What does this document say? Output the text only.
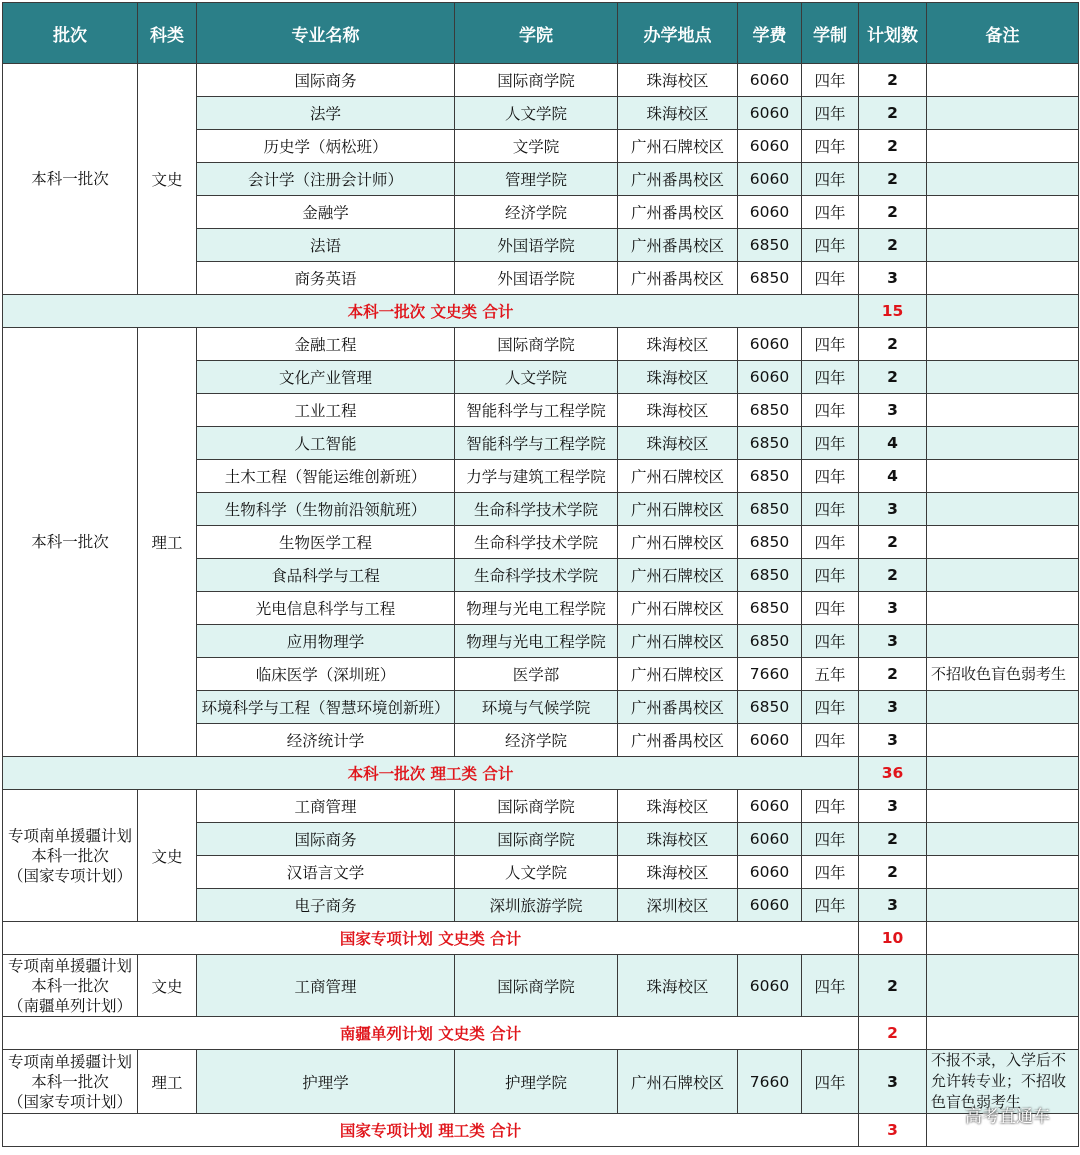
批次	科类	专业名称	学院	办学地点	学费	学制	计划数	备注
本科一批次	文史	国际商务	国际商学院	珠海校区	6060	四年	2	
		法学	人文学院	珠海校区	6060	四年	2	
		历史学（炳松班）	文学院	广州石牌校区	6060	四年	2	
		会计学（注册会计师）	管理学院	广州番禺校区	6060	四年	2	
		金融学	经济学院	广州番禺校区	6060	四年	2	
		法语	外国语学院	广州番禺校区	6850	四年	2	
		商务英语	外国语学院	广州番禺校区	6850	四年	3	
本科一批次 文史类 合计							15	
本科一批次	理工	金融工程	国际商学院	珠海校区	6060	四年	2	
		文化产业管理	人文学院	珠海校区	6060	四年	2	
		工业工程	智能科学与工程学院	珠海校区	6850	四年	3	
		人工智能	智能科学与工程学院	珠海校区	6850	四年	4	
		土木工程（智能运维创新班）	力学与建筑工程学院	广州石牌校区	6850	四年	4	
		生物科学（生物前沿领航班）	生命科学技术学院	广州石牌校区	6850	四年	3	
		生物医学工程	生命科学技术学院	广州石牌校区	6850	四年	2	
		食品科学与工程	生命科学技术学院	广州石牌校区	6850	四年	2	
		光电信息科学与工程	物理与光电工程学院	广州石牌校区	6850	四年	3	
		应用物理学	物理与光电工程学院	广州石牌校区	6850	四年	3	
		临床医学（深圳班）	医学部	广州石牌校区	7660	五年	2	不招收色盲色弱考生
		环境科学与工程（智慧环境创新班）	环境与气候学院	广州番禺校区	6850	四年	3	
		经济统计学	经济学院	广州番禺校区	6060	四年	3	
本科一批次 理工类 合计							36	
专项南单援疆计划
本科一批次
（国家专项计划）	文史	工商管理	国际商学院	珠海校区	6060	四年	3	
		国际商务	国际商学院	珠海校区	6060	四年	2	
		汉语言文学	人文学院	珠海校区	6060	四年	2	
		电子商务	深圳旅游学院	深圳校区	6060	四年	3	
国家专项计划 文史类 合计							10	
专项南单援疆计划
本科一批次
（南疆单列计划）	文史	工商管理	国际商学院	珠海校区	6060	四年	2	
南疆单列计划 文史类 合计							2	
专项南单援疆计划
本科一批次
（国家专项计划）	理工	护理学	护理学院	广州石牌校区	7660	四年	3	不报不录，入学后不允许转专业；不招收色盲色弱考生
国家专项计划 理工类 合计							3	
高考直通车
